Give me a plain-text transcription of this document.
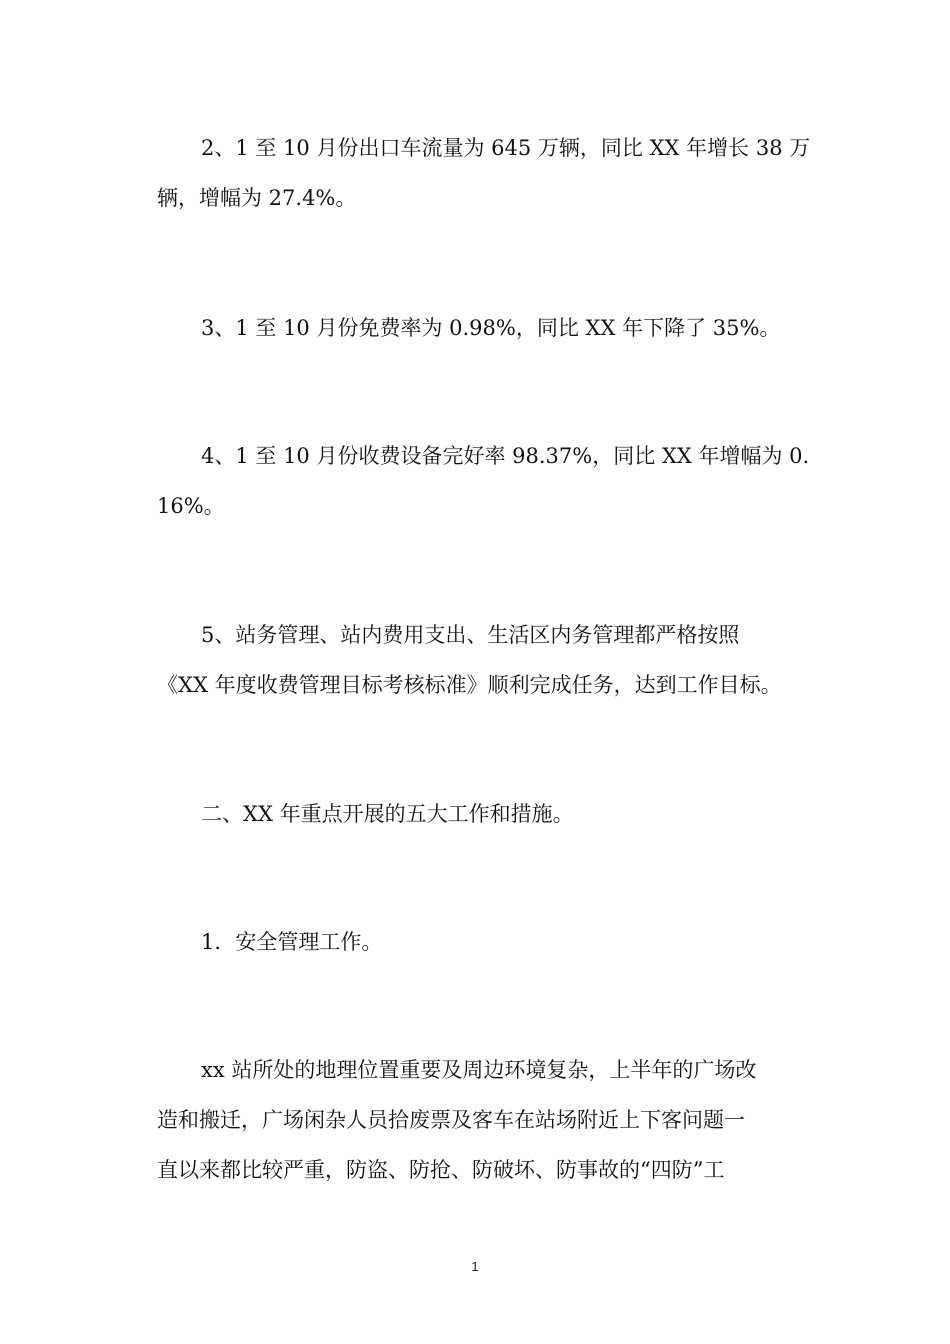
2、1 至 10 月份出口车流量为 645 万辆，同比 XX 年增长 38 万
辆，增幅为 27.4%。
3、1 至 10 月份免费率为 0.98%，同比 XX 年下降了 35%。
4、1 至 10 月份收费设备完好率 98.37%，同比 XX 年增幅为 0.
16%。
5、站务管理、站内费用支出、生活区内务管理都严格按照
《XX 年度收费管理目标考核标准》顺利完成任务，达到工作目标。
二、XX 年重点开展的五大工作和措施。
1．安全管理工作。
xx 站所处的地理位置重要及周边环境复杂，上半年的广场改
造和搬迁，广场闲杂人员拾废票及客车在站场附近上下客问题一
直以来都比较严重，防盗、防抢、防破坏、防事故的“四防”工
1
